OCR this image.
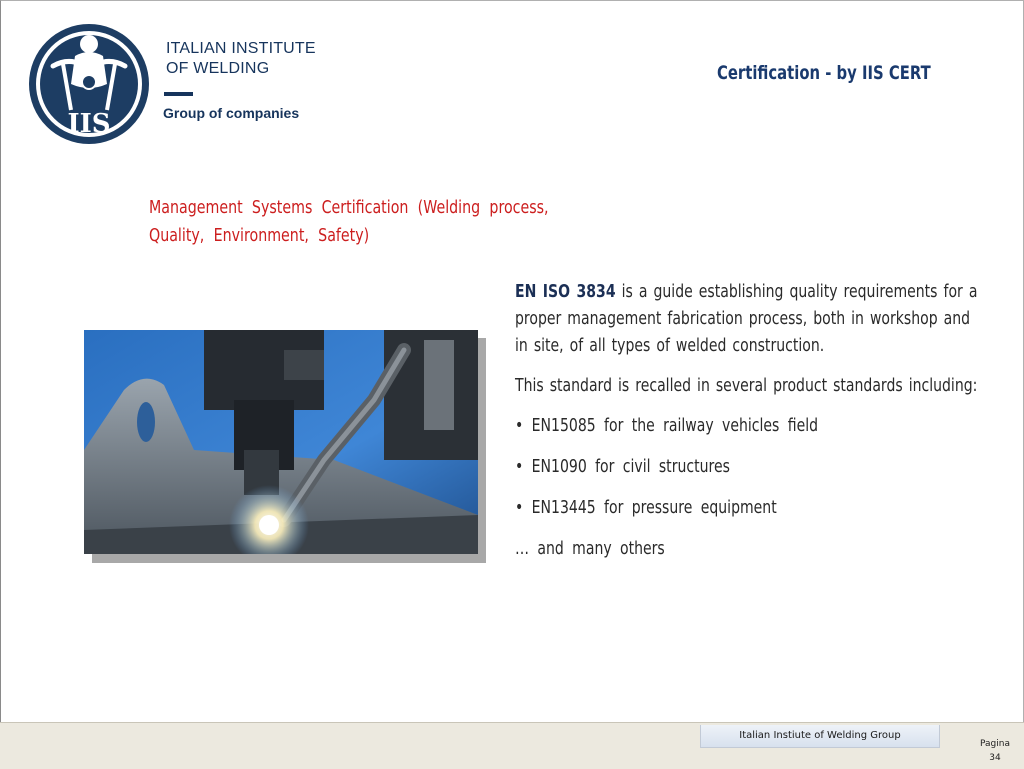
IIS
ITALIAN INSTITUTE
OF WELDING
Group of companies
Certification - by IIS CERT
Management Systems Certification (Welding process, Quality, Environment, Safety)

EN ISO 3834 is a guide establishing quality requirements for a proper management fabrication process, both in workshop and in site, of all types of welded construction.

This standard is recalled in several product standards including:

• EN15085 for the railway vehicles field

• EN1090 for civil structures

• EN13445 for pressure equipment

… and many others

Italian Instiute of Welding Group
Pagina
34
